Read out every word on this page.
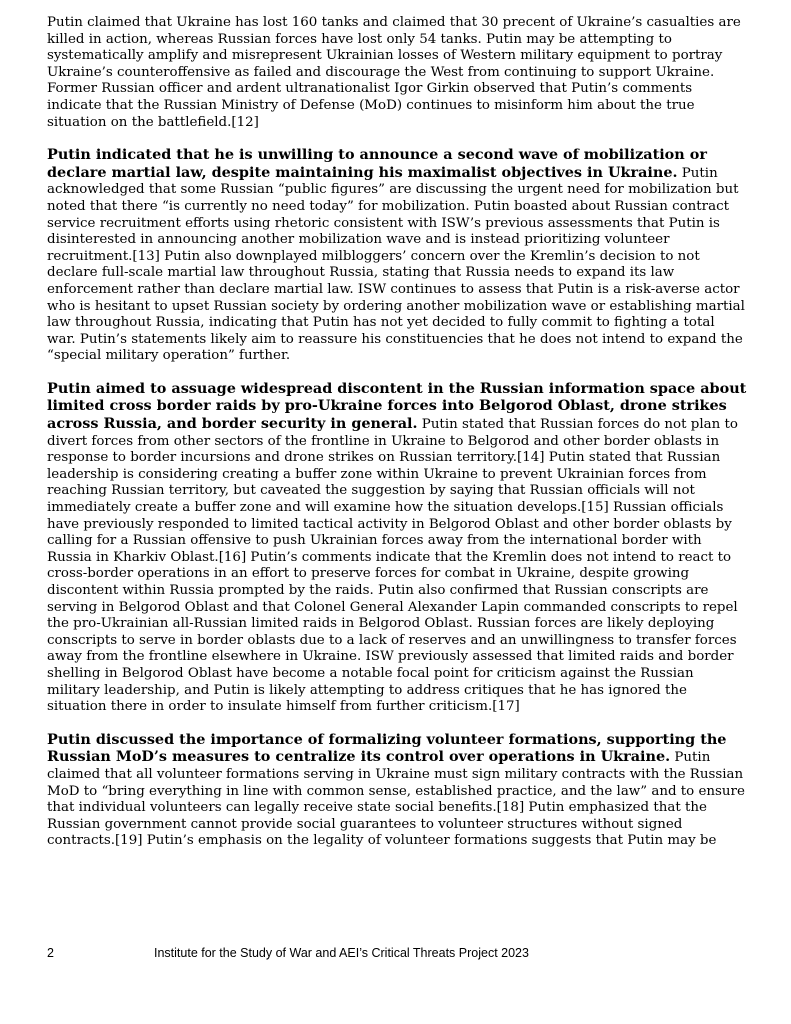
Putin claimed that Ukraine has lost 160 tanks and claimed that 30 precent of Ukraine’s casualties are killed in action, whereas Russian forces have lost only 54 tanks. Putin may be attempting to systematically amplify and misrepresent Ukrainian losses of Western military equipment to portray Ukraine’s counteroffensive as failed and discourage the West from continuing to support Ukraine. Former Russian officer and ardent ultranationalist Igor Girkin observed that Putin’s comments indicate that the Russian Ministry of Defense (MoD) continues to misinform him about the true situation on the battlefield.[12]

Putin indicated that he is unwilling to announce a second wave of mobilization or declare martial law, despite maintaining his maximalist objectives in Ukraine. Putin acknowledged that some Russian “public figures” are discussing the urgent need for mobilization but noted that there “is currently no need today” for mobilization. Putin boasted about Russian contract service recruitment efforts using rhetoric consistent with ISW’s previous assessments that Putin is disinterested in announcing another mobilization wave and is instead prioritizing volunteer recruitment.[13] Putin also downplayed milbloggers’ concern over the Kremlin’s decision to not declare full-scale martial law throughout Russia, stating that Russia needs to expand its law enforcement rather than declare martial law. ISW continues to assess that Putin is a risk-averse actor who is hesitant to upset Russian society by ordering another mobilization wave or establishing martial law throughout Russia, indicating that Putin has not yet decided to fully commit to fighting a total war. Putin’s statements likely aim to reassure his constituencies that he does not intend to expand the “special military operation” further.

Putin aimed to assuage widespread discontent in the Russian information space about limited cross border raids by pro-Ukraine forces into Belgorod Oblast, drone strikes across Russia, and border security in general. Putin stated that Russian forces do not plan to divert forces from other sectors of the frontline in Ukraine to Belgorod and other border oblasts in response to border incursions and drone strikes on Russian territory.[14] Putin stated that Russian leadership is considering creating a buffer zone within Ukraine to prevent Ukrainian forces from reaching Russian territory, but caveated the suggestion by saying that Russian officials will not immediately create a buffer zone and will examine how the situation develops.[15] Russian officials have previously responded to limited tactical activity in Belgorod Oblast and other border oblasts by calling for a Russian offensive to push Ukrainian forces away from the international border with Russia in Kharkiv Oblast.[16] Putin’s comments indicate that the Kremlin does not intend to react to cross-border operations in an effort to preserve forces for combat in Ukraine, despite growing discontent within Russia prompted by the raids. Putin also confirmed that Russian conscripts are serving in Belgorod Oblast and that Colonel General Alexander Lapin commanded conscripts to repel the pro-Ukrainian all-Russian limited raids in Belgorod Oblast. Russian forces are likely deploying conscripts to serve in border oblasts due to a lack of reserves and an unwillingness to transfer forces away from the frontline elsewhere in Ukraine. ISW previously assessed that limited raids and border shelling in Belgorod Oblast have become a notable focal point for criticism against the Russian military leadership, and Putin is likely attempting to address critiques that he has ignored the situation there in order to insulate himself from further criticism.[17]

Putin discussed the importance of formalizing volunteer formations, supporting the Russian MoD’s measures to centralize its control over operations in Ukraine. Putin claimed that all volunteer formations serving in Ukraine must sign military contracts with the Russian MoD to “bring everything in line with common sense, established practice, and the law” and to ensure that individual volunteers can legally receive state social benefits.[18] Putin emphasized that the Russian government cannot provide social guarantees to volunteer structures without signed contracts.[19] Putin’s emphasis on the legality of volunteer formations suggests that Putin may be

2	Institute for the Study of War and AEI’s Critical Threats Project 2023
